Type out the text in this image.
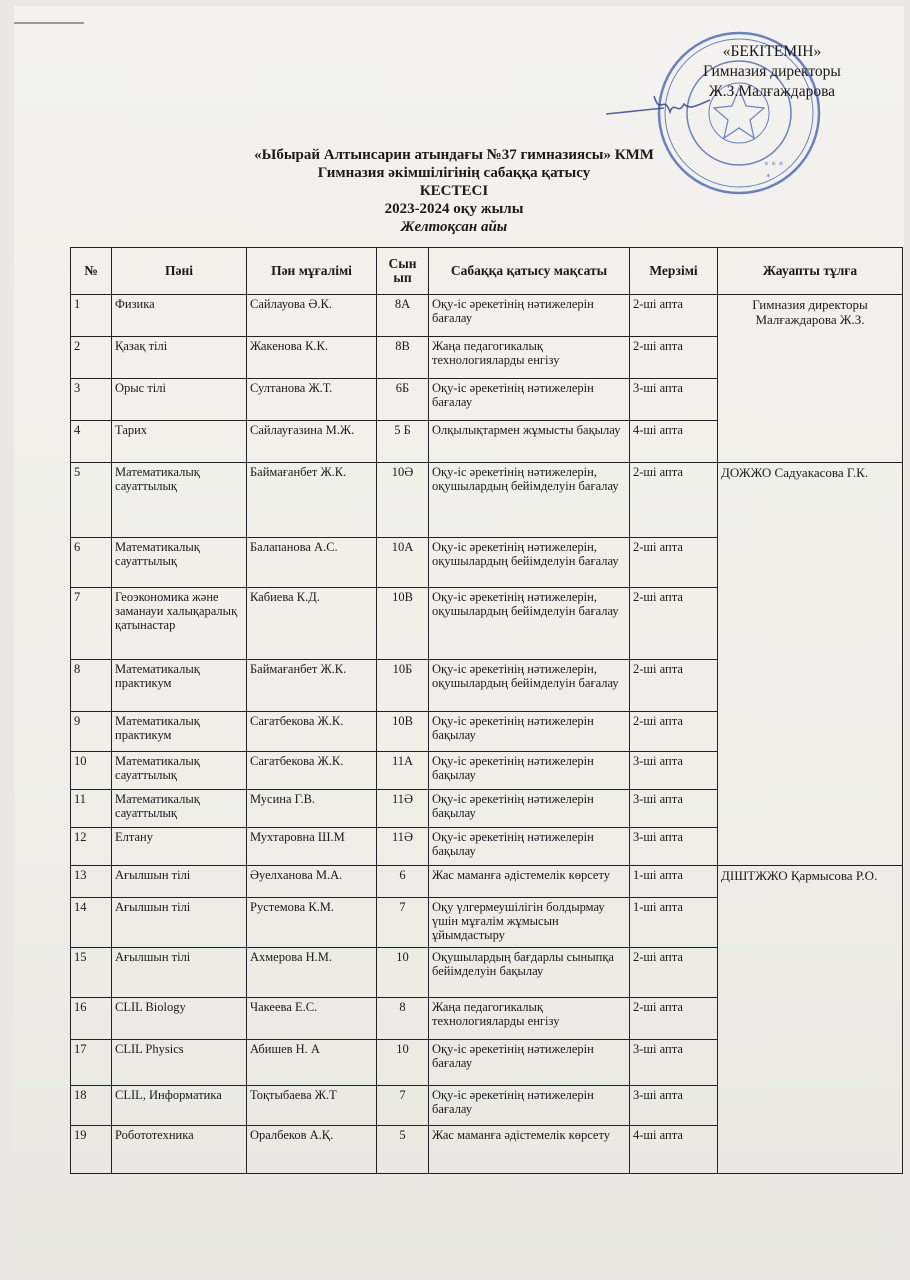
* * *
*
«БЕКІТЕМІН»
Гимназия директоры
Ж.З.Малғаждарова
«Ыбырай Алтынсарин атындағы №37 гимназиясы» КММ
Гимназия әкімшілігінің сабаққа қатысу
КЕСТЕСІ
2023-2024 оқу жылы
Желтоқсан айы
№	Пәні	Пән мұғалімі	Сын ып	Сабаққа қатысу мақсаты	Мерзімі	Жауапты тұлға
1	Физика	Сайлауова Ә.К.	8А	Оқу-іс әрекетінің нәтижелерін бағалау	2-ші апта	Гимназия директоры Малғаждарова Ж.З.
2	Қазақ тілі	Жакенова К.К.	8В	Жаңа педагогикалық технологияларды енгізу	2-ші апта	
3	Орыс тілі	Султанова Ж.Т.	6Б	Оқу-іс әрекетінің нәтижелерін бағалау	3-ші апта	
4	Тарих	Сайлауғазина М.Ж.	5 Б	Олқылықтармен жұмысты бақылау	4-ші апта	
5	Математикалық сауаттылық	Баймағанбет Ж.К.	10Ә	Оқу-іс әрекетінің нәтижелерін, оқушылардың бейімделуін бағалау	2-ші апта	ДОЖЖО Садуакасова Г.К.
6	Математикалық сауаттылық	Балапанова А.С.	10А	Оқу-іс әрекетінің нәтижелерін, оқушылардың бейімделуін бағалау	2-ші апта	
7	Геоэкономика және заманауи халықаралық қатынастар	Кабиева К.Д.	10В	Оқу-іс әрекетінің нәтижелерін, оқушылардың бейімделуін бағалау	2-ші апта	
8	Математикалық практикум	Баймағанбет Ж.К.	10Б	Оқу-іс әрекетінің нәтижелерін, оқушылардың бейімделуін бағалау	2-ші апта	
9	Математикалық практикум	Сагатбекова Ж.К.	10В	Оқу-іс әрекетінің нәтижелерін бақылау	2-ші апта	
10	Математикалық сауаттылық	Сагатбекова Ж.К.	11А	Оқу-іс әрекетінің нәтижелерін бақылау	3-ші апта	
11	Математикалық сауаттылық	Мусина Г.В.	11Ә	Оқу-іс әрекетінің нәтижелерін бақылау	3-ші апта	
12	Елтану	Мухтаровна Ш.М	11Ә	Оқу-іс әрекетінің нәтижелерін бақылау	3-ші апта	
13	Ағылшын тілі	Әуелханова М.А.	6	Жас маманға әдістемелік көрсету	1-ші апта	ДІШТЖЖО Қармысова Р.О.
14	Ағылшын тілі	Рустемова К.М.	7	Оқу үлгермеушілігін болдырмау үшін мұғалім жұмысын ұйымдастыру	1-ші апта	
15	Ағылшын тілі	Ахмерова Н.М.	10	Оқушылардың бағдарлы сыныпқа бейімделуін бақылау	2-ші апта	
16	CLIL Biology	Чакеева Е.С.	8	Жаңа педагогикалық технологияларды енгізу	2-ші апта	
17	CLIL Physics	Абишев Н. А	10	Оқу-іс әрекетінің нәтижелерін бағалау	3-ші апта	
18	CLIL, Информатика	Тоқтыбаева Ж.Т	7	Оқу-іс әрекетінің нәтижелерін бағалау	3-ші апта	
19	Робототехника	Оралбеков А.Қ.	5	Жас маманға әдістемелік көрсету	4-ші апта	
